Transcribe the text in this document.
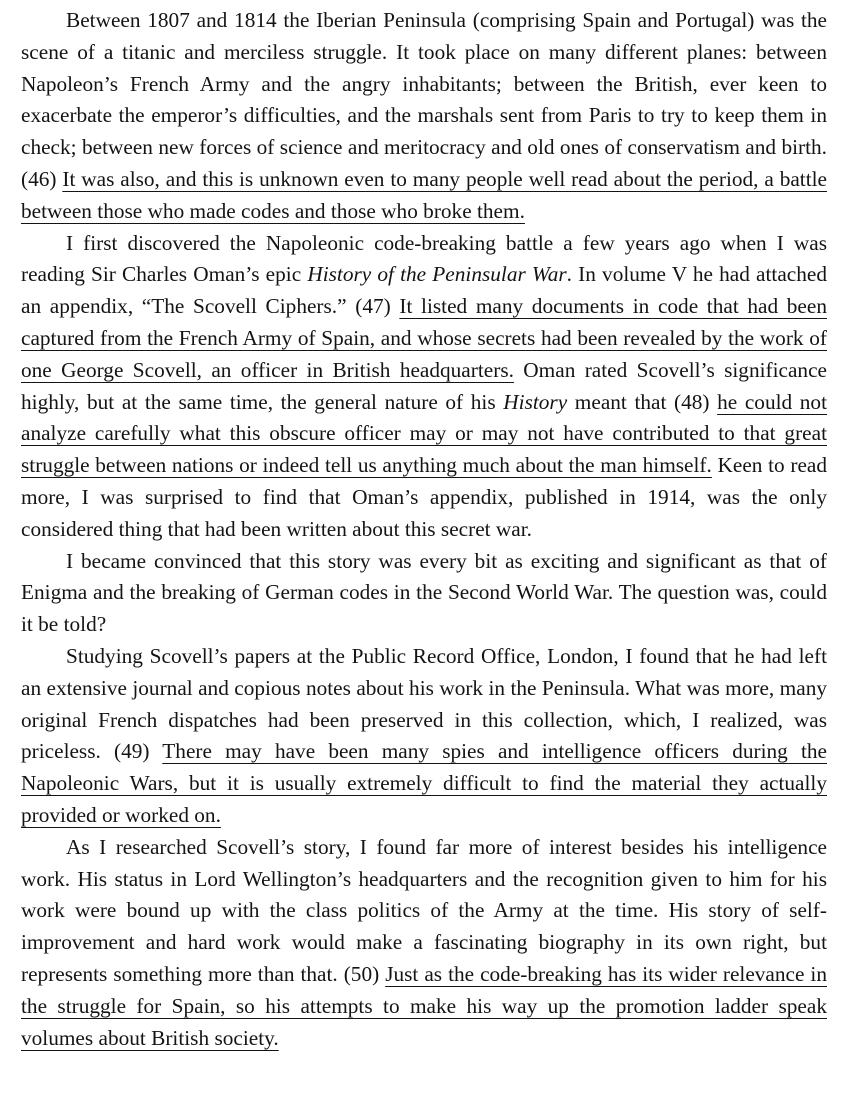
Between 1807 and 1814 the Iberian Peninsula (comprising Spain and Portugal) was the scene of a titanic and merciless struggle. It took place on many different planes: between Napoleon’s French Army and the angry inhabitants; between the British, ever keen to exacerbate the emperor’s difficulties, and the marshals sent from Paris to try to keep them in check; between new forces of science and meritocracy and old ones of conservatism and birth. (46) It was also, and this is unknown even to many people well read about the period, a battle between those who made codes and those who broke them.

I first discovered the Napoleonic code-breaking battle a few years ago when I was reading Sir Charles Oman’s epic History of the Peninsular War. In volume V he had attached an appendix, “The Scovell Ciphers.” (47) It listed many documents in code that had been captured from the French Army of Spain, and whose secrets had been revealed by the work of one George Scovell, an officer in British headquarters. Oman rated Scovell’s significance highly, but at the same time, the general nature of his History meant that (48) he could not analyze carefully what this obscure officer may or may not have contributed to that great struggle between nations or indeed tell us anything much about the man himself. Keen to read more, I was surprised to find that Oman’s appendix, published in 1914, was the only considered thing that had been written about this secret war.

I became convinced that this story was every bit as exciting and significant as that of Enigma and the breaking of German codes in the Second World War. The question was, could it be told?

Studying Scovell’s papers at the Public Record Office, London, I found that he had left an extensive journal and copious notes about his work in the Peninsula. What was more, many original French dispatches had been preserved in this collection, which, I realized, was priceless. (49) There may have been many spies and intelligence officers during the Napoleonic Wars, but it is usually extremely difficult to find the material they actually provided or worked on.

As I researched Scovell’s story, I found far more of interest besides his intelligence work. His status in Lord Wellington’s headquarters and the recognition given to him for his work were bound up with the class politics of the Army at the time. His story of self-improvement and hard work would make a fascinating biography in its own right, but represents something more than that. (50) Just as the code-breaking has its wider relevance in the struggle for Spain, so his attempts to make his way up the promotion ladder speak volumes about British society.
